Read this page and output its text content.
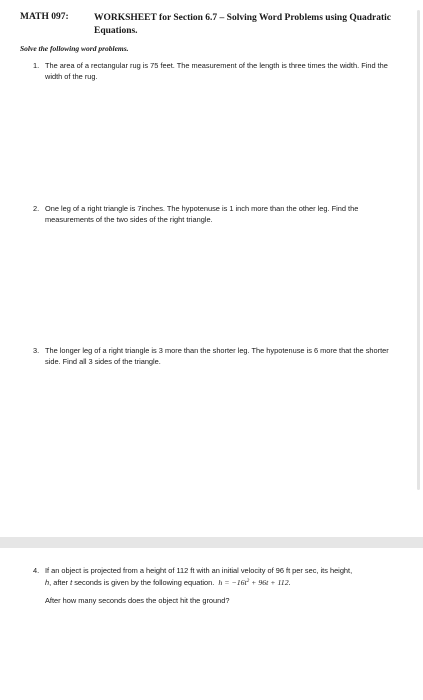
MATH 097:	WORKSHEET for Section 6.7 – Solving Word Problems using Quadratic Equations.
Solve the following word problems.
1. The area of a rectangular rug is 75 feet. The measurement of the length is three times the width. Find the width of the rug.
2. One leg of a right triangle is 7inches. The hypotenuse is 1 inch more than the other leg. Find the measurements of the two sides of the right triangle.
3. The longer leg of a right triangle is 3 more than the shorter leg. The hypotenuse is 6 more that the shorter side. Find all 3 sides of the triangle.
4. If an object is projected from a height of 112 ft with an initial velocity of 96 ft per sec, its height,
h, after t seconds is given by the following equation. $h = -16t^2 + 96t + 112$.
After how many seconds does the object hit the ground?
